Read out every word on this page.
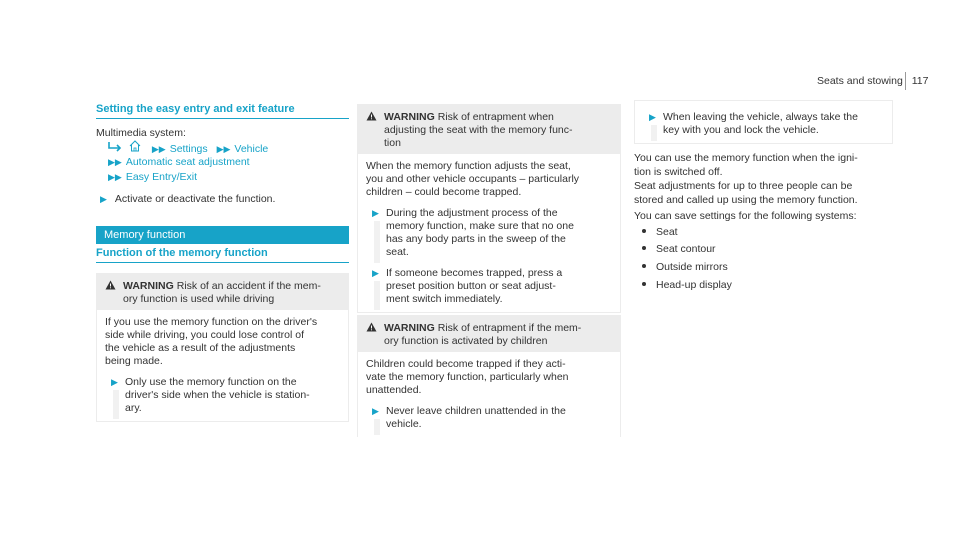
Seats and stowing 117
Setting the easy entry and exit feature
Multimedia system:
▶▶ Settings ▶▶ Vehicle
▶▶ Automatic seat adjustment
▶▶ Easy Entry/Exit
▶ Activate or deactivate the function.
Memory function
Function of the memory function
WARNING Risk of an accident if the mem-
ory function is used while driving
If you use the memory function on the driver's
side while driving, you could lose control of
the vehicle as a result of the adjustments
being made.
▶ Only use the memory function on the
driver's side when the vehicle is station-
ary.
WARNING Risk of entrapment when
adjusting the seat with the memory func-
tion
When the memory function adjusts the seat,
you and other vehicle occupants – particularly
children – could become trapped.
▶ During the adjustment process of the
memory function, make sure that no one
has any body parts in the sweep of the
seat.
▶ If someone becomes trapped, press a
preset position button or seat adjust-
ment switch immediately.
WARNING Risk of entrapment if the mem-
ory function is activated by children
Children could become trapped if they acti-
vate the memory function, particularly when
unattended.
▶ Never leave children unattended in the
vehicle.
▶ When leaving the vehicle, always take the
key with you and lock the vehicle.
You can use the memory function when the igni-
tion is switched off.
Seat adjustments for up to three people can be
stored and called up using the memory function.
You can save settings for the following systems:
Seat
Seat contour
Outside mirrors
Head-up display
